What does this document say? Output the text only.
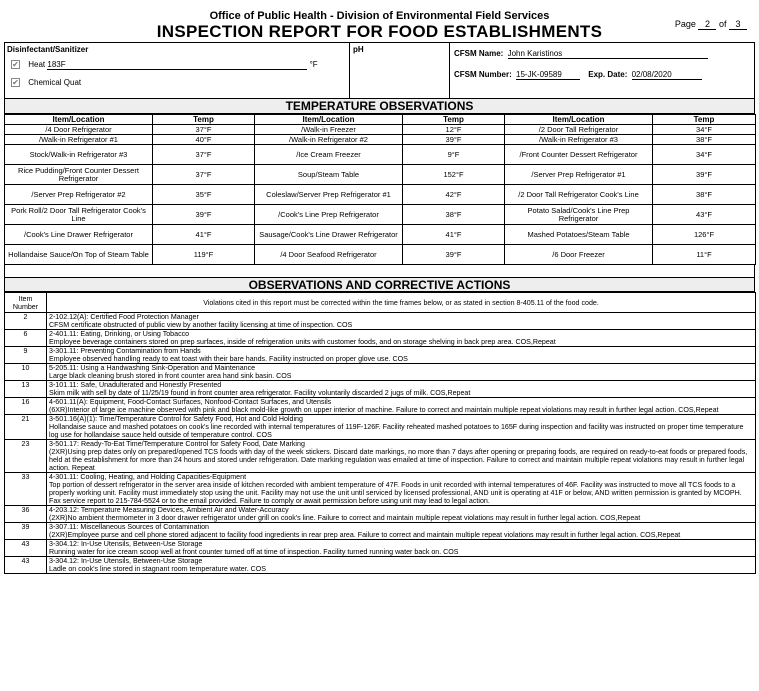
Office of Public Health - Division of Environmental Field Services
INSPECTION REPORT FOR FOOD ESTABLISHMENTS	Page 2 of 3
Disinfectant/Sanitizer
✔ Heat 183F	°F
✔ Chemical Quat
pH	CFSM Name: John Karistinos
CFSM Number: 15-JK-09589	Exp. Date: 02/08/2020
TEMPERATURE OBSERVATIONS
Item/Location	Temp	Item/Location	Temp	Item/Location	Temp
/4 Door Refrigerator	37°F	/Walk-in Freezer	12°F	/2 Door Tall Refrigerator	34°F
/Walk-in Refrigerator #1	40°F	/Walk-in Refrigerator #2	39°F	/Walk-in Refrigerator #3	38°F
Stock/Walk-in Refrigerator #3	37°F	/Ice Cream Freezer	9°F	/Front Counter Dessert Refrigerator	34°F
Rice Pudding/Front Counter Dessert Refrigerator	37°F	Soup/Steam Table	152°F	/Server Prep Refrigerator #1	39°F
/Server Prep Refrigerator #2	35°F	Coleslaw/Server Prep Refrigerator #1	42°F	/2 Door Tall Refrigerator Cook's Line	38°F
Pork Roll/2 Door Tall Refrigerator Cook's Line	39°F	/Cook's Line Prep Refrigerator	38°F	Potato Salad/Cook's Line Prep Refrigerator	43°F
/Cook's Line Drawer Refrigerator	41°F	Sausage/Cook's Line Drawer Refrigerator	41°F	Mashed Potatoes/Steam Table	126°F
Hollandaise Sauce/On Top of Steam Table	119°F	/4 Door Seafood Refrigerator	39°F	/6 Door Freezer	11°F
OBSERVATIONS AND CORRECTIVE ACTIONS
Item Number	Violations cited in this report must be corrected within the time frames below, or as stated in section 8-405.11 of the food code.
2	2-102.12(A): Certified Food Protection Manager
CFSM certificate obstructed of public view by another facility licensing at time of inspection. COS

6	2-401.11: Eating, Drinking, or Using Tobacco
Employee beverage containers stored on prep surfaces, inside of refrigeration units with customer foods, and on storage shelving in back prep area. COS,Repeat

9	3-301.11: Preventing Contamination from Hands
Employee observed handling ready to eat toast with their bare hands. Facility instructed on proper glove use. COS

10	5-205.11: Using a Handwashing Sink-Operation and Maintenance
Large black cleaning brush stored in front counter area hand sink basin. COS

13	3-101.11: Safe, Unadulterated and Honestly Presented
Skim milk with sell by date of 11/25/19 found in front counter area refrigerator. Facility voluntarily discarded 2 jugs of milk. COS,Repeat

16	4-601.11(A): Equipment, Food-Contact Surfaces, Nonfood-Contact Surfaces, and Utensils
(6XR)Interior of large ice machine observed with pink and black mold-like growth on upper interior of machine. Failure to correct and maintain multiple repeat violations may result in further legal action. COS,Repeat

21	3-501.16(A)(1): Time/Temperature Control for Safety Food, Hot and Cold Holding
Hollandaise sauce and mashed potatoes on cook's line recorded with internal temperatures of 119F-126F. Facility reheated mashed potatoes to 165F during inspection and facility was instructed on proper time temperature log use for hollandaise sauce held outside of temperature control. COS

23	3-501.17: Ready-To-Eat Time/Temperature Control for Safety Food, Date Marking
(2XR)Using prep dates only on prepared/opened TCS foods with day of the week stickers. Discard date markings, no more than 7 days after opening or preparing foods, are required on ready-to-eat foods or prepared foods, held at the establishment for more than 24 hours and stored under refrigeration. Date marking regulation was emailed at time of inspection. Failure to correct and maintain multiple repeat violations may result in further legal action. Repeat

33	4-301.11: Cooling, Heating, and Holding Capacities-Equipment
Top portion of dessert refrigerator in the server area inside of kitchen recorded with ambient temperature of 47F. Foods in unit recorded with internal temperatures of 46F. Facility was instructed to move all TCS foods to a properly working unit. Facility must immediately stop using the unit. Facility may not use the unit until serviced by licensed professional, AND unit is operating at 41F or below, AND written permission is granted by MCOPH. Fax service report to 215-784-5524 or to the email provided. Failure to comply or await permission before using unit may lead to legal action.

36	4-203.12: Temperature Measuring Devices, Ambient Air and Water-Accuracy
(2XR)No ambient thermometer in 3 door drawer refrigerator under grill on cook's line. Failure to correct and maintain multiple repeat violations may result in further legal action. COS,Repeat

39	3-307.11: Miscellaneous Sources of Contamination
(2XR)Employee purse and cell phone stored adjacent to facility food ingredients in rear prep area. Failure to correct and maintain multiple repeat violations may result in further legal action. COS,Repeat

43	3-304.12: In-Use Utensils, Between-Use Storage
Running water for ice cream scoop well at front counter turned off at time of inspection. Facility turned running water back on. COS

43	3-304.12: In-Use Utensils, Between-Use Storage
Ladle on cook's line stored in stagnant room temperature water. COS
